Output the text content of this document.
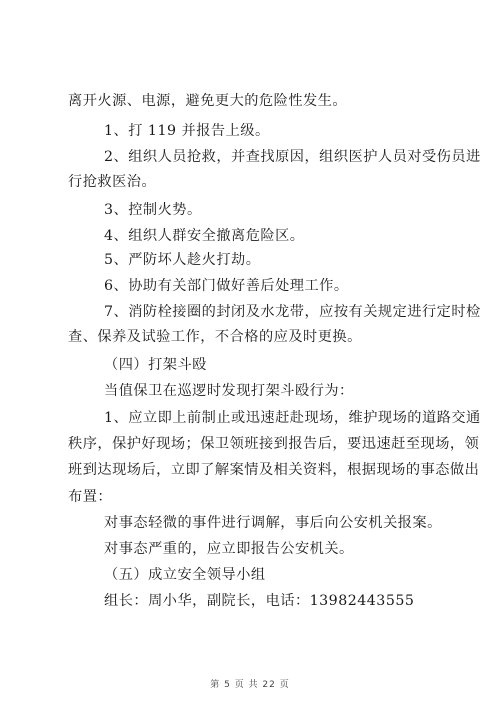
离开火源、电源，避免更大的危险性发生。
1、打 119 并报告上级。
2、组织人员抢救，并查找原因，组织医护人员对受伤员进
行抢救医治。
3、控制火势。
4、组织人群安全撤离危险区。
5、严防坏人趁火打劫。
6、协助有关部门做好善后处理工作。
7、消防栓接圈的封闭及水龙带，应按有关规定进行定时检
查、保养及试验工作，不合格的应及时更换。
（四）打架斗殴
当值保卫在巡逻时发现打架斗殴行为：
1、应立即上前制止或迅速赶赴现场，维护现场的道路交通
秩序，保护好现场；保卫领班接到报告后，要迅速赶至现场，领
班到达现场后，立即了解案情及相关资料，根据现场的事态做出
布置：
对事态轻微的事件进行调解，事后向公安机关报案。
对事态严重的，应立即报告公安机关。
（五）成立安全领导小组
组长：周小华，副院长，电话：13982443555
第 5 页 共 22 页
